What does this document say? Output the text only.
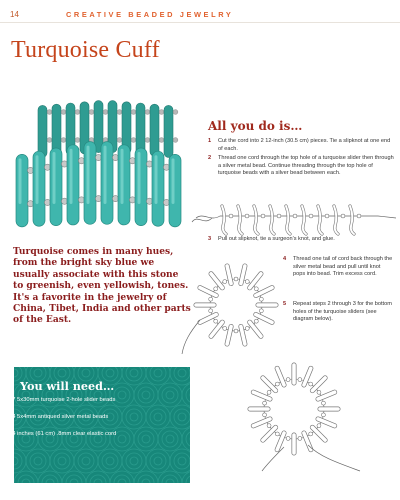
14	CREATIVE BEADED JEWELRY
Turquoise Cuff
All you do is…
1	Cut the cord into 2 12-inch (30.5 cm) pieces. Tie a slipknot at one end of each.
2	Thread one cord through the top hole of a turquoise slider then through a silver metal bead. Continue threading through the top hole of turquoise beads with a silver bead between each.
3	Pull out slipknot, tie a surgeon's knot, and glue.
4	Thread one tail of cord back through the silver metal bead and pull until knot pops into bead. Trim excess cord.
5	Repeat steps 2 through 3 for the bottom holes of the turquoise sliders (see diagram below).
Turquoise comes in many hues, from the bright sky blue we usually associate with this stone to greenish, even yellowish, tones. It's a favorite in the jewelry of China, Tibet, India and other parts of the East.
You will need…
17 5x30mm turquoise 2-hole slider beads
34 5x4mm antiqued silver metal beads
24 inches (61 cm) .8mm clear elastic cord
